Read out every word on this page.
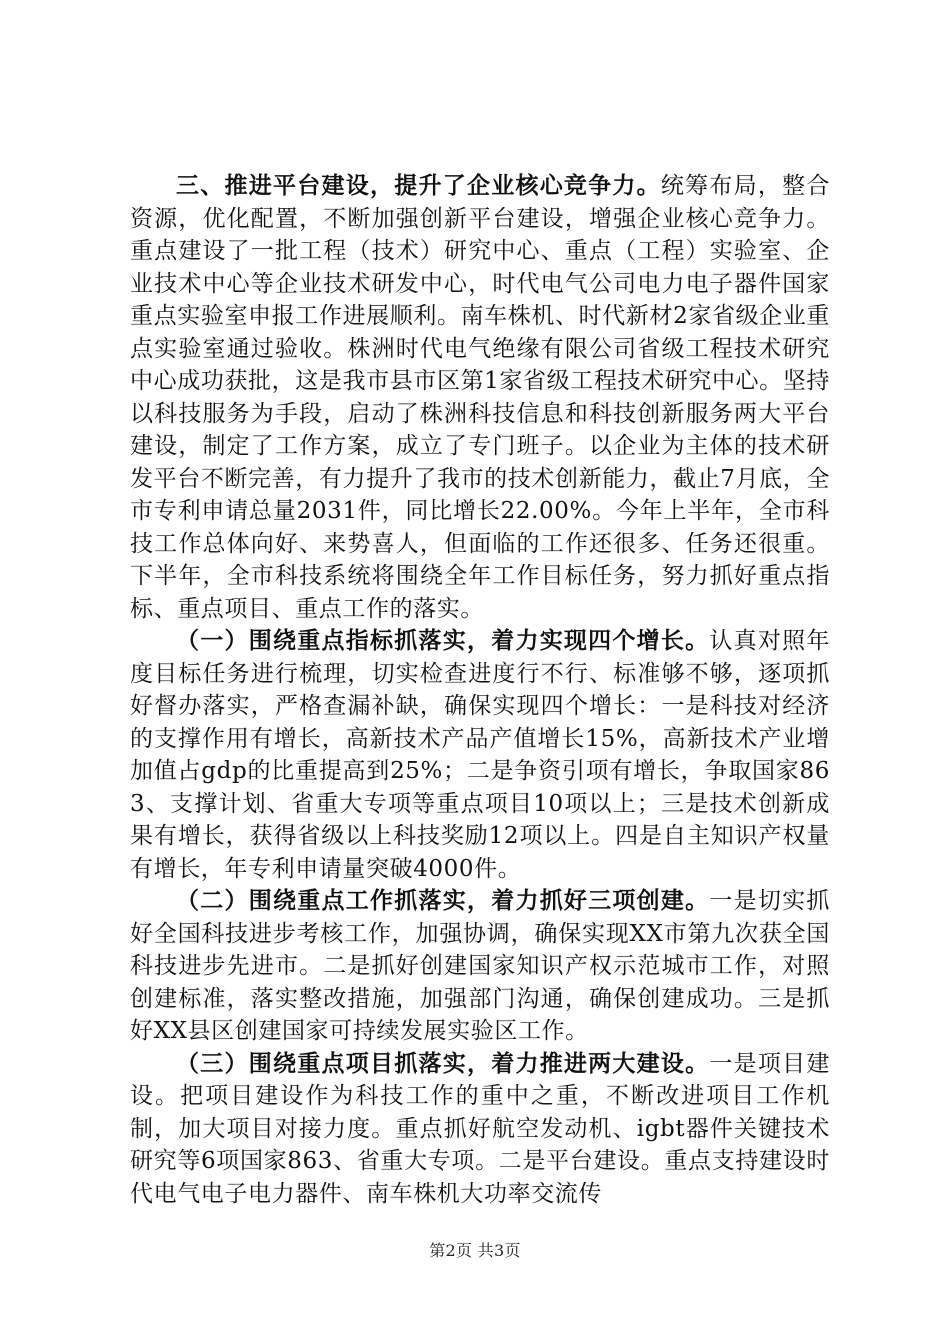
三、推进平台建设，提升了企业核心竞争力。统筹布局，整合资源，优化配置，不断加强创新平台建设，增强企业核心竞争力。重点建设了一批工程（技术）研究中心、重点（工程）实验室、企业技术中心等企业技术研发中心，时代电气公司电力电子器件国家重点实验室申报工作进展顺利。南车株机、时代新材2家省级企业重点实验室通过验收。株洲时代电气绝缘有限公司省级工程技术研究中心成功获批，这是我市县市区第1家省级工程技术研究中心。坚持以科技服务为手段，启动了株洲科技信息和科技创新服务两大平台建设，制定了工作方案，成立了专门班子。以企业为主体的技术研发平台不断完善，有力提升了我市的技术创新能力，截止7月底，全市专利申请总量2031件，同比增长22.00%。今年上半年，全市科技工作总体向好、来势喜人，但面临的工作还很多、任务还很重。下半年，全市科技系统将围绕全年工作目标任务，努力抓好重点指标、重点项目、重点工作的落实。

（一）围绕重点指标抓落实，着力实现四个增长。认真对照年度目标任务进行梳理，切实检查进度行不行、标准够不够，逐项抓好督办落实，严格查漏补缺，确保实现四个增长：一是科技对经济的支撑作用有增长，高新技术产品产值增长15%，高新技术产业增加值占gdp的比重提高到25%；二是争资引项有增长，争取国家863、支撑计划、省重大专项等重点项目10项以上；三是技术创新成果有增长，获得省级以上科技奖励12项以上。四是自主知识产权量有增长，年专利申请量突破4000件。

（二）围绕重点工作抓落实，着力抓好三项创建。一是切实抓好全国科技进步考核工作，加强协调，确保实现XX市第九次获全国科技进步先进市。二是抓好创建国家知识产权示范城市工作，对照创建标准，落实整改措施，加强部门沟通，确保创建成功。三是抓好XX县区创建国家可持续发展实验区工作。

（三）围绕重点项目抓落实，着力推进两大建设。一是项目建设。把项目建设作为科技工作的重中之重，不断改进项目工作机制，加大项目对接力度。重点抓好航空发动机、igbt器件关键技术研究等6项国家863、省重大专项。二是平台建设。重点支持建设时代电气电子电力器件、南车株机大功率交流传

第2页 共3页
